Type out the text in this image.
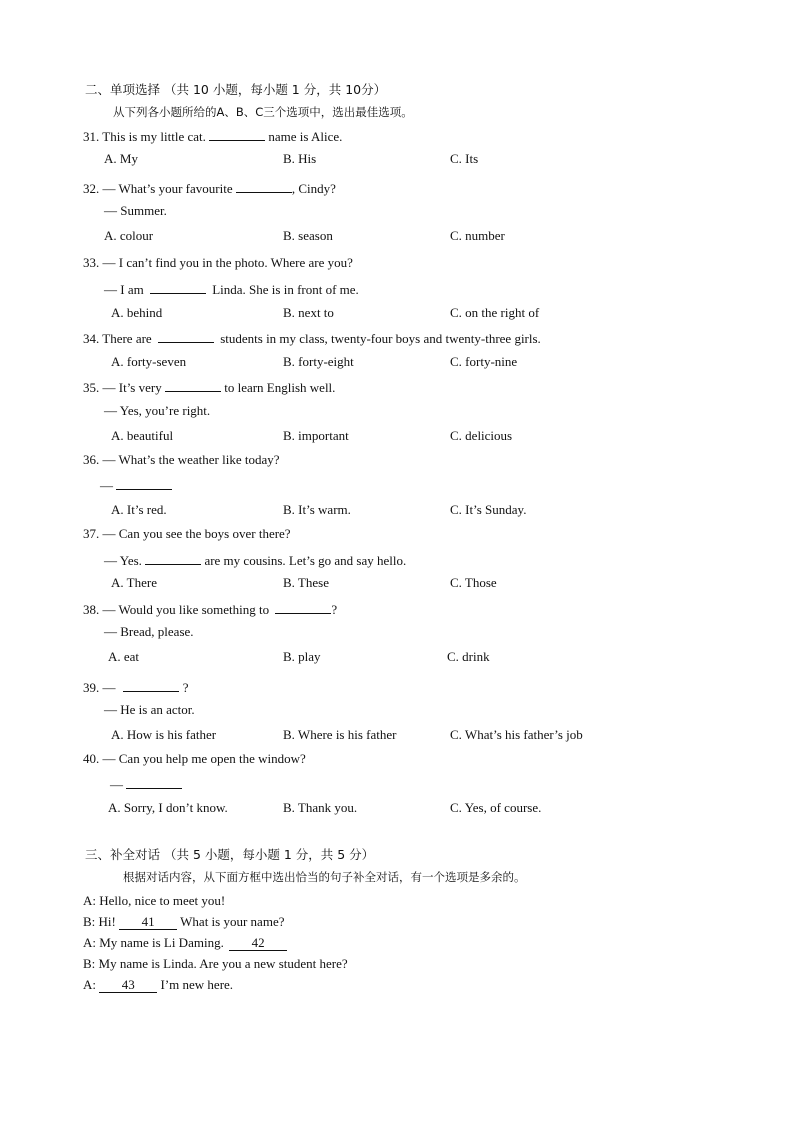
二、单项选择 （共 10 小题，每小题 1 分，共 10分）
从下列各小题所给的A、B、C三个选项中，选出最佳选项。
31. This is my little cat.	name is Alice.
A. My	B. His	C. Its
32. — What’s your favourite	, Cindy?
— Summer.
A. colour	B. season	C. number
33. — I can’t find you in the photo. Where are you?
— I am	Linda. She is in front of me.
A. behind	B. next to	C. on the right of
34. There are	students in my class, twenty-four boys and twenty-three girls.
A. forty-seven	B. forty-eight	C. forty-nine
35. — It’s very	to learn English well.
— Yes, you’re right.
A. beautiful	B. important	C. delicious
36. — What’s the weather like today?
—
A. It’s red.	B. It’s warm.	C. It’s Sunday.
37. — Can you see the boys over there?
— Yes.	are my cousins. Let’s go and say hello.
A. There	B. These	C. Those
38. — Would you like something to	?
— Bread, please.
A. eat	B. play	C. drink
39. —	?
— He is an actor.
A. How is his father	B. Where is his father	C. What’s his father’s job
40. — Can you help me open the window?
—
A. Sorry, I don’t know.	B. Thank you.	C. Yes, of course.
三、补全对话 （共 5 小题，每小题 1 分，共 5 分）
根据对话内容，从下面方框中选出恰当的句子补全对话，有一个选项是多余的。
A: Hello, nice to meet you!
B: Hi! 41 What is your name?
A: My name is Li Daming. 42
B: My name is Linda. Are you a new student here?
A: 43 I’m new here.
